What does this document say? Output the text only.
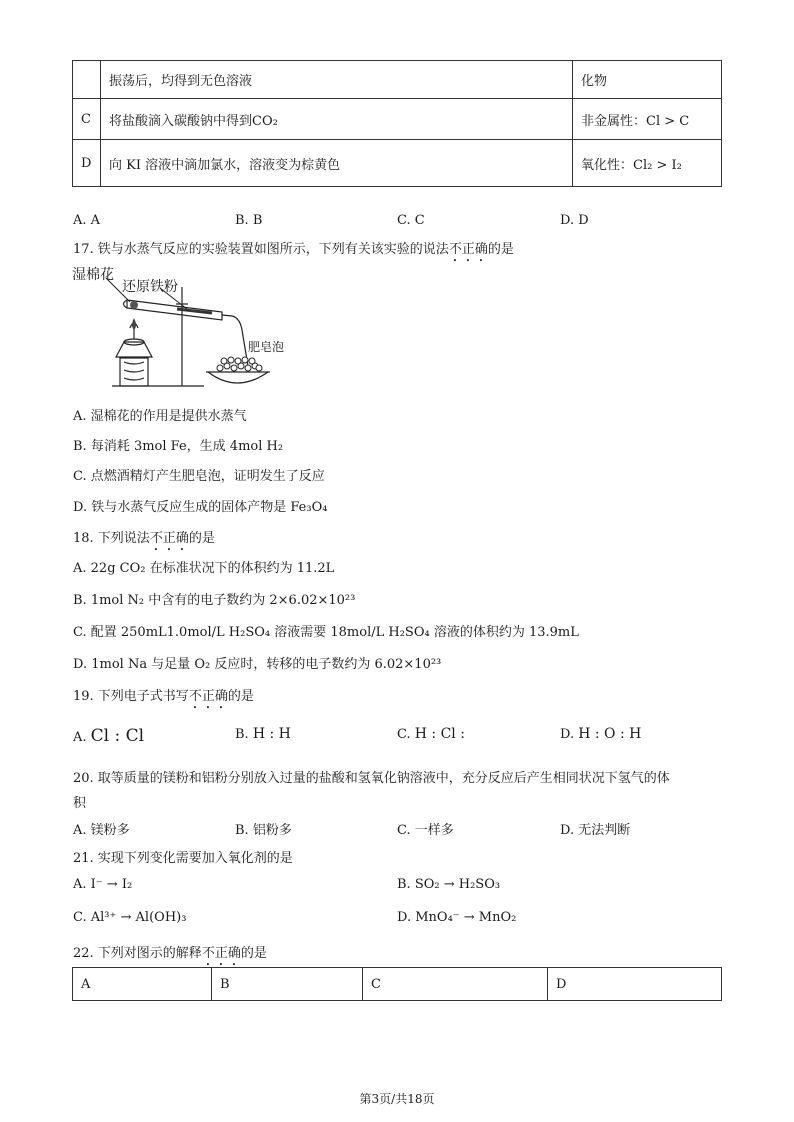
	振荡后，均得到无色溶液	化物
C	将盐酸滴入碳酸钠中得到CO₂	非金属性：Cl > C
D	向 KI 溶液中滴加氯水，溶液变为棕黄色	氧化性：Cl₂ > I₂
A. A	B. B	C. C	D. D
17. 铁与水蒸气反应的实验装置如图所示，下列有关该实验的说法不正确的是
湿棉花
还原铁粉
肥皂泡
A. 湿棉花的作用是提供水蒸气
B. 每消耗 3mol Fe，生成 4mol H₂
C. 点燃酒精灯产生肥皂泡，证明发生了反应
D. 铁与水蒸气反应生成的固体产物是 Fe₃O₄
18. 下列说法不正确的是
A. 22g CO₂ 在标准状况下的体积约为 11.2L
B. 1mol N₂ 中含有的电子数约为 2×6.02×10²³
C. 配置 250mL1.0mol/L H₂SO₄ 溶液需要 18mol/L H₂SO₄ 溶液的体积约为 13.9mL
D. 1mol Na 与足量 O₂ 反应时，转移的电子数约为 6.02×10²³
19. 下列电子式书写不正确的是
A. Cl : Cl	B. H : H	C. H : Cl :	D. H : O : H
20. 取等质量的镁粉和铝粉分别放入过量的盐酸和氢氧化钠溶液中，充分反应后产生相同状况下氢气的体
积
A. 镁粉多	B. 铝粉多	C. 一样多	D. 无法判断
21. 实现下列变化需要加入氧化剂的是
A. I⁻ → I₂	B. SO₂ → H₂SO₃
C. Al³⁺ → Al(OH)₃	D. MnO₄⁻ → MnO₂
22. 下列对图示的解释不正确的是
A	B	C	D
第3页/共18页
